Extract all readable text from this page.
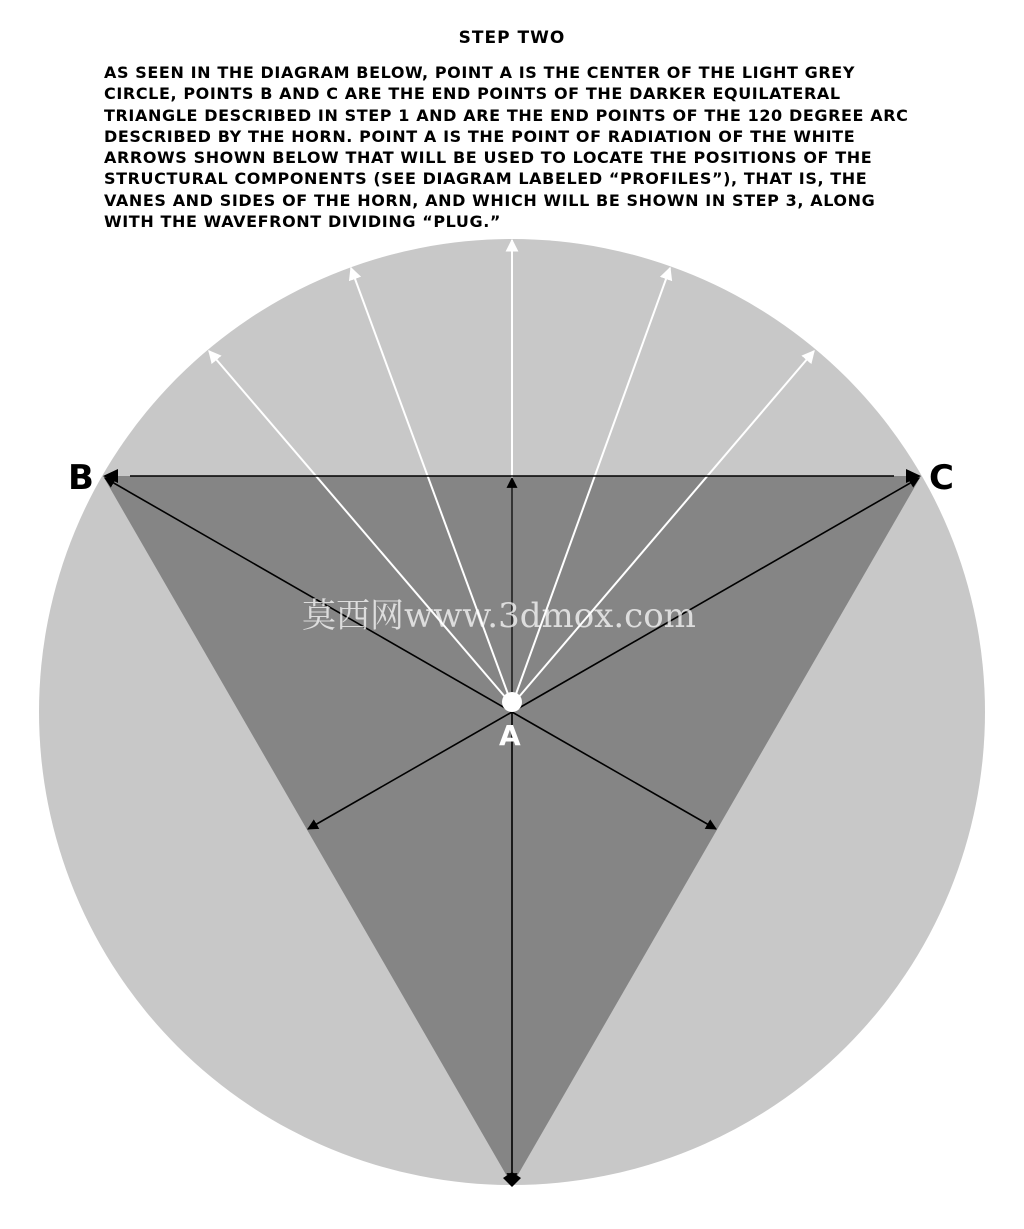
STEP TWO
AS SEEN IN THE DIAGRAM BELOW, POINT A IS THE CENTER OF THE LIGHT GREY
CIRCLE, POINTS B AND C ARE THE END POINTS OF THE DARKER EQUILATERAL
TRIANGLE DESCRIBED IN STEP 1 AND ARE THE END POINTS OF THE 120 DEGREE ARC
DESCRIBED BY THE HORN. POINT A IS THE POINT OF RADIATION OF THE WHITE
ARROWS SHOWN BELOW THAT WILL BE USED TO LOCATE THE POSITIONS OF THE
STRUCTURAL COMPONENTS (SEE DIAGRAM LABELED “PROFILES”), THAT IS, THE
VANES AND SIDES OF THE HORN, AND WHICH WILL BE SHOWN IN STEP 3, ALONG
WITH THE WAVEFRONT DIVIDING “PLUG.”
B	C
A
莫西网www.3dmox.com
